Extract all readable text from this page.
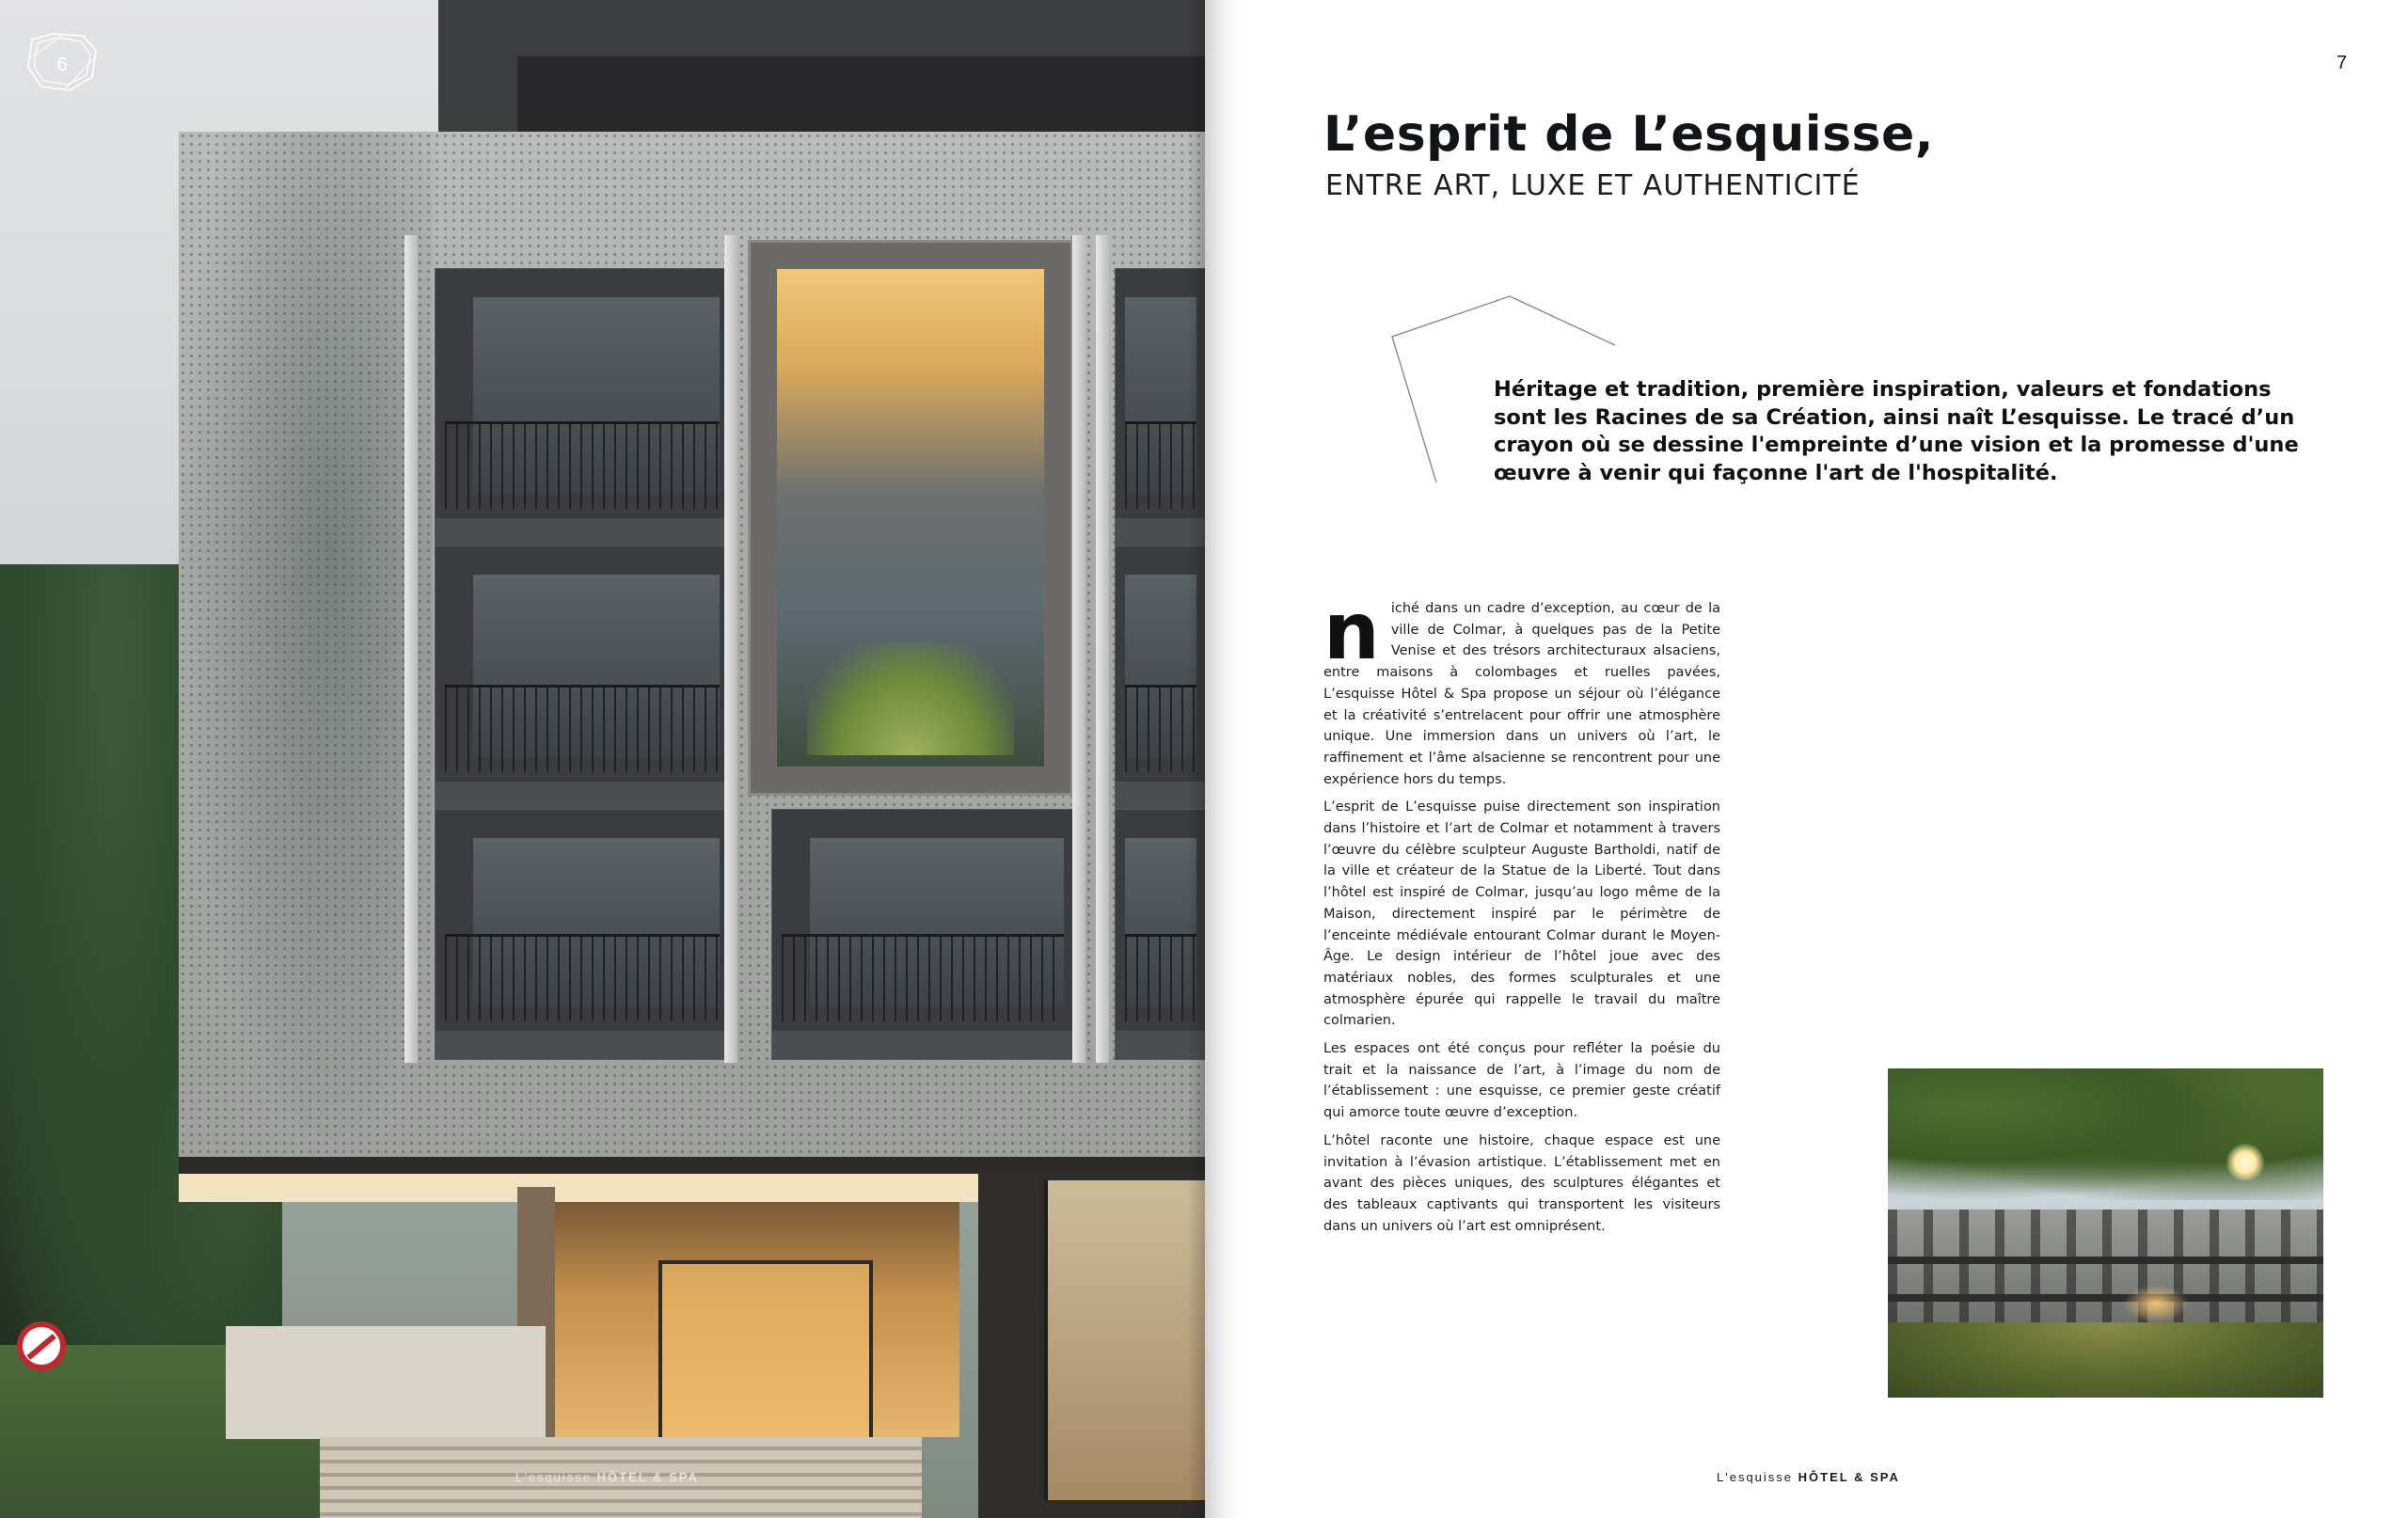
6
L'esquisse HÔTEL & SPA
7
L’esprit de L’esquisse,
ENTRE ART, LUXE ET AUTHENTICITÉ

Héritage et tradition, première inspiration, valeurs et fondations sont les Racines de sa Création, ainsi naît L’esquisse. Le tracé d’un crayon où se dessine l'empreinte d’une vision et la promesse d'une œuvre à venir qui façonne l'art de l'hospitalité.

niché dans un cadre d’exception, au cœur de la ville de Colmar, à quelques pas de la Petite Venise et des trésors architecturaux alsaciens, entre maisons à colombages et ruelles pavées, L’esquisse Hôtel & Spa propose un séjour où l’élégance et la créativité s’entrelacent pour offrir une atmosphère unique. Une immersion dans un univers où l’art, le raffinement et l’âme alsacienne se rencontrent pour une expérience hors du temps.

L’esprit de L’esquisse puise directement son inspiration dans l’histoire et l’art de Colmar et notamment à travers l’œuvre du célèbre sculpteur Auguste Bartholdi, natif de la ville et créateur de la Statue de la Liberté. Tout dans l’hôtel est inspiré de Colmar, jusqu’au logo même de la Maison, directement inspiré par le périmètre de l’enceinte médiévale entourant Colmar durant le Moyen-Âge. Le design intérieur de l’hôtel joue avec des matériaux nobles, des formes sculpturales et une atmosphère épurée qui rappelle le travail du maître colmarien.

Les espaces ont été conçus pour refléter la poésie du trait et la naissance de l’art, à l’image du nom de l’établissement : une esquisse, ce premier geste créatif qui amorce toute œuvre d’exception.

L’hôtel raconte une histoire, chaque espace est une invitation à l’évasion artistique. L’établissement met en avant des pièces uniques, des sculptures élégantes et des tableaux captivants qui transportent les visiteurs dans un univers où l’art est omniprésent.

L'esquisse HÔTEL & SPA
